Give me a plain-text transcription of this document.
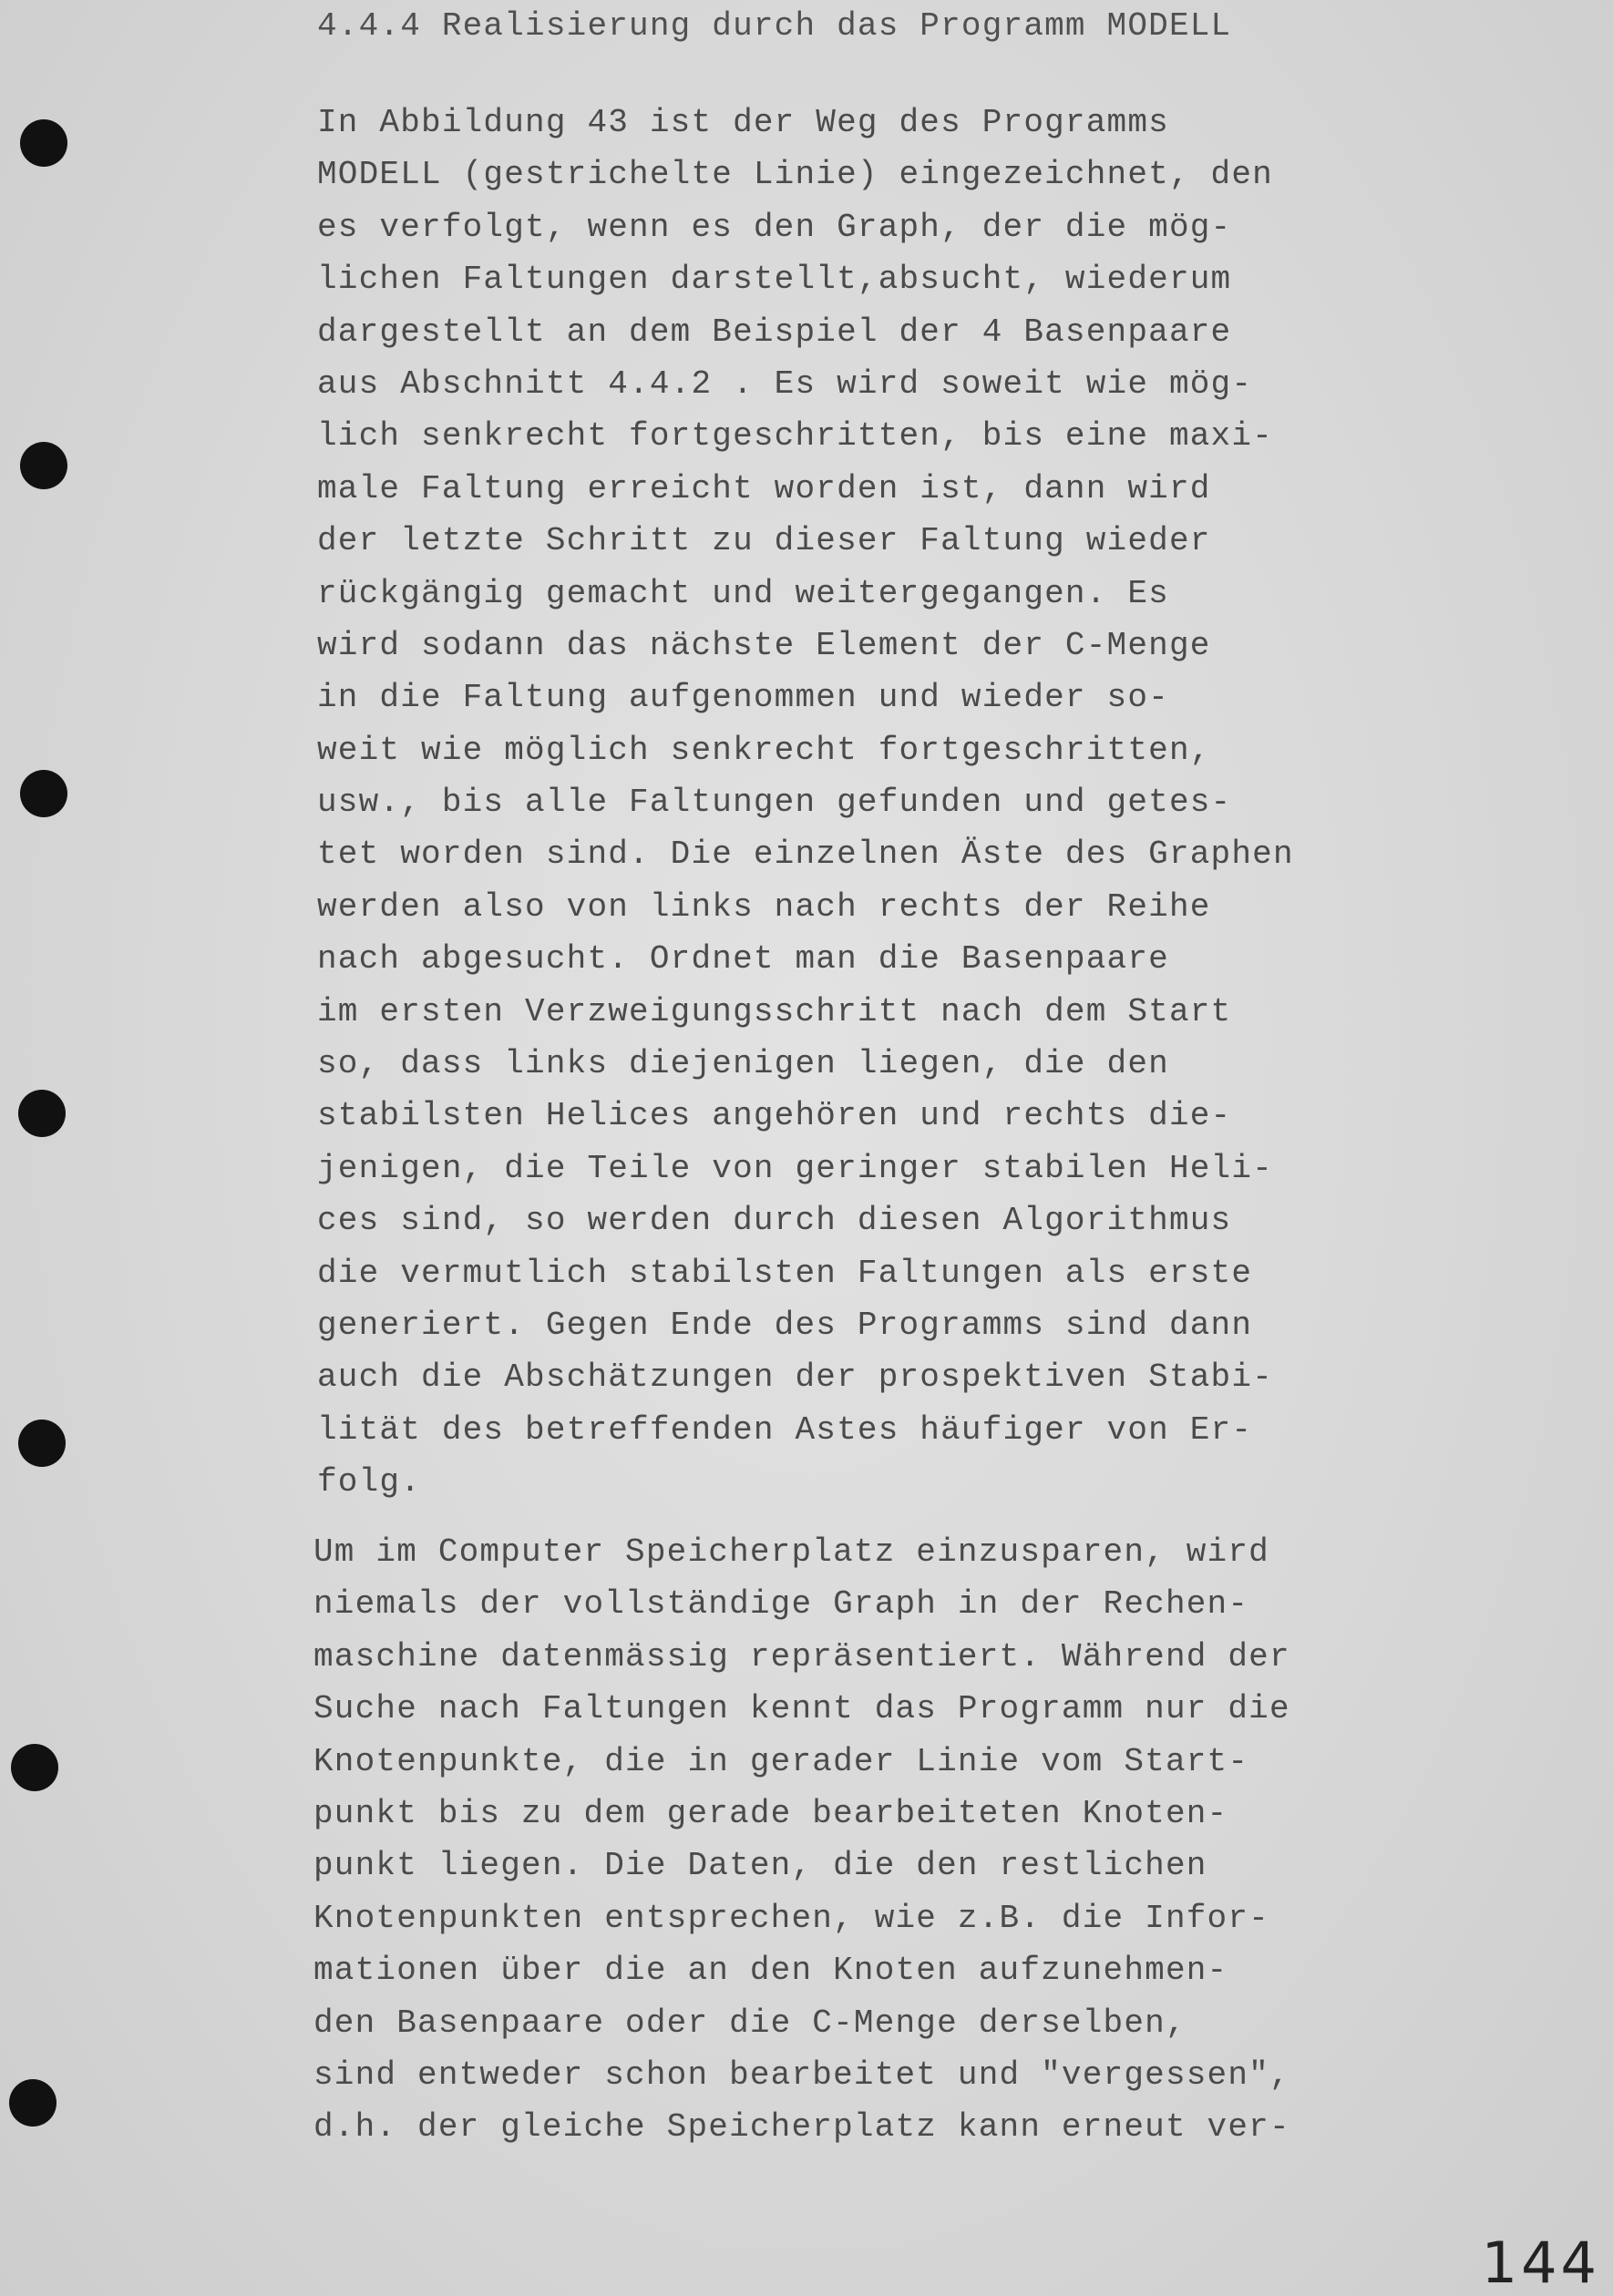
4.4.4 Realisierung durch das Programm MODELL
In Abbildung 43 ist der Weg des Programms
MODELL (gestrichelte Linie) eingezeichnet, den
es verfolgt, wenn es den Graph, der die mög-
lichen Faltungen darstellt,absucht, wiederum
dargestellt an dem Beispiel der 4 Basenpaare
aus Abschnitt 4.4.2 . Es wird soweit wie mög-
lich senkrecht fortgeschritten, bis eine maxi-
male Faltung erreicht worden ist, dann wird
der letzte Schritt zu dieser Faltung wieder
rückgängig gemacht und weitergegangen. Es
wird sodann das nächste Element der C-Menge
in die Faltung aufgenommen und wieder so-
weit wie möglich senkrecht fortgeschritten,
usw., bis alle Faltungen gefunden und getes-
tet worden sind. Die einzelnen Äste des Graphen
werden also von links nach rechts der Reihe
nach abgesucht. Ordnet man die Basenpaare
im ersten Verzweigungsschritt nach dem Start
so, dass links diejenigen liegen, die den
stabilsten Helices angehören und rechts die-
jenigen, die Teile von geringer stabilen Heli-
ces sind, so werden durch diesen Algorithmus
die vermutlich stabilsten Faltungen als erste
generiert. Gegen Ende des Programms sind dann
auch die Abschätzungen der prospektiven Stabi-
lität des betreffenden Astes häufiger von Er-
folg.
Um im Computer Speicherplatz einzusparen, wird
niemals der vollständige Graph in der Rechen-
maschine datenmässig repräsentiert. Während der
Suche nach Faltungen kennt das Programm nur die
Knotenpunkte, die in gerader Linie vom Start-
punkt bis zu dem gerade bearbeiteten Knoten-
punkt liegen. Die Daten, die den restlichen
Knotenpunkten entsprechen, wie z.B. die Infor-
mationen über die an den Knoten aufzunehmen-
den Basenpaare oder die C-Menge derselben,
sind entweder schon bearbeitet und "vergessen",
d.h. der gleiche Speicherplatz kann erneut ver-
144
